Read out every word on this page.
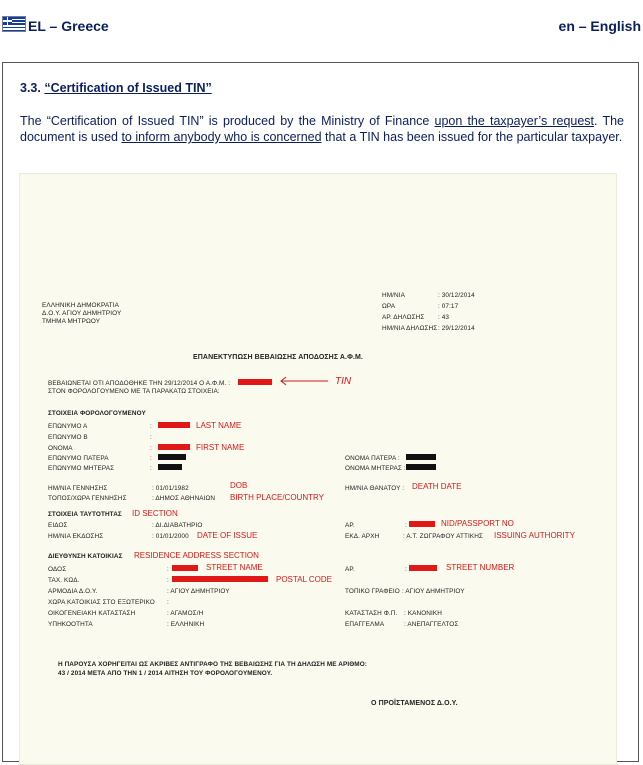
EL – Greece	en – English
3.3. “Certification of Issued TIN”
The “Certification of Issued TIN” is produced by the Ministry of Finance upon the taxpayer’s request. The document is used to inform anybody who is concerned that a TIN has been issued for the particular taxpayer.
ΕΛΛΗΝΙΚΗ ΔΗΜΟΚΡΑΤΙΑ
Δ.Ο.Υ. ΑΓΙΟΥ ΔΗΜΗΤΡΙΟΥ
ΤΜΗΜΑ ΜΗΤΡΩΟΥ
ΗΜ/ΝΙΑ	: 30/12/2014
ΩΡΑ	: 07:17
ΑΡ. ΔΗΛΩΣΗΣ : 43
ΗΜ/ΝΙΑ ΔΗΛΩΣΗΣ : 29/12/2014
ΕΠΑΝΕΚΤΥΠΩΣΗ ΒΕΒΑΙΩΣΗΣ ΑΠΟΔΟΣΗΣ Α.Φ.Μ.
ΒΕΒΑΙΩΝΕΤΑΙ ΟΤΙ ΑΠΟΔΟΘΗΚΕ ΤΗΝ 29/12/2014 Ο Α.Φ.Μ. :
ΣΤΟΝ ΦΟΡΟΛΟΓΟΥΜΕΝΟ ΜΕ ΤΑ ΠΑΡΑΚΑΤΩ ΣΤΟΙΧΕΙΑ:
TIN
ΣΤΟΙΧΕΙΑ ΦΟΡΟΛΟΓΟΥΜΕΝΟΥ
ΕΠΩΝΥΜΟ Α	:	LAST NAME
ΕΠΩΝΥΜΟ Β	:
ΟΝΟΜΑ	:	FIRST NAME
ΕΠΩΝΥΜΟ ΠΑΤΕΡΑ	:
ΕΠΩΝΥΜΟ ΜΗΤΕΡΑΣ	:
ΟΝΟΜΑ ΠΑΤΕΡΑ :
ΟΝΟΜΑ ΜΗΤΕΡΑΣ :
ΗΜ/ΝΙΑ ΓΕΝΝΗΣΗΣ	: 01/01/1982	DOB
ΤΟΠΟΣ/ΧΩΡΑ ΓΕΝΝΗΣΗΣ	: ΔΗΜΟΣ ΑΘΗΝΑΙΩΝ BIRTH PLACE/COUNTRY
ΗΜ/ΝΙΑ ΘΑΝΑΤΟΥ : DEATH DATE
ΣΤΟΙΧΕΙΑ ΤΑΥΤΟΤΗΤΑΣ ID SECTION
ΕΙΔΟΣ	: ΔΙ.ΔΙΑΒΑΤΗΡΙΟ
ΗΜ/ΝΙΑ ΕΚΔΟΣΗΣ	: 01/01/2000 DATE OF ISSUE
ΑΡ.	:	NID/PASSPORT NO
ΕΚΔ. ΑΡΧΗ	: Α.Τ. ΖΩΓΡΑΦΟΥ ΑΤΤΙΚΗΣ ISSUING AUTHORITY
ΔΙΕΥΘΥΝΣΗ ΚΑΤΟΙΚΙΑΣ RESIDENCE ADDRESS SECTION
ΟΔΟΣ	:	STREET NAME
ΤΑΧ. ΚΩΔ.	:	POSTAL CODE
ΑΡΜΟΔΙΑ Δ.Ο.Υ.	: ΑΓΙΟΥ ΔΗΜΗΤΡΙΟΥ
ΧΩΡΑ ΚΑΤΟΙΚΙΑΣ ΣΤΟ ΕΞΩΤΕΡΙΚΟ :
ΟΙΚΟΓΕΝΕΙΑΚΗ ΚΑΤΑΣΤΑΣΗ	: ΑΓΑΜΟΣ/Η
ΥΠΗΚΟΟΤΗΤΑ	: ΕΛΛΗΝΙΚΗ
ΑΡ.	:	STREET NUMBER
ΤΟΠΙΚΟ ΓΡΑΦΕΙΟ : ΑΓΙΟΥ ΔΗΜΗΤΡΙΟΥ
ΚΑΤΑΣΤΑΣΗ Φ.Π. : ΚΑΝΟΝΙΚΗ
ΕΠΑΓΓΕΛΜΑ	: ΑΝΕΠΑΓΓΕΛΤΟΣ
Η ΠΑΡΟΥΣΑ ΧΟΡΗΓΕΙΤΑΙ ΩΣ ΑΚΡΙΒΕΣ ΑΝΤΙΓΡΑΦΟ ΤΗΣ ΒΕΒΑΙΩΣΗΣ ΓΙΑ ΤΗ ΔΗΛΩΣΗ ΜΕ ΑΡΙΘΜΟ:
43 / 2014 ΜΕΤΑ ΑΠΟ ΤΗΝ 1 / 2014 ΑΙΤΗΣΗ ΤΟΥ ΦΟΡΟΛΟΓΟΥΜΕΝΟΥ.
Ο ΠΡΟΪΣΤΑΜΕΝΟΣ Δ.Ο.Υ.
